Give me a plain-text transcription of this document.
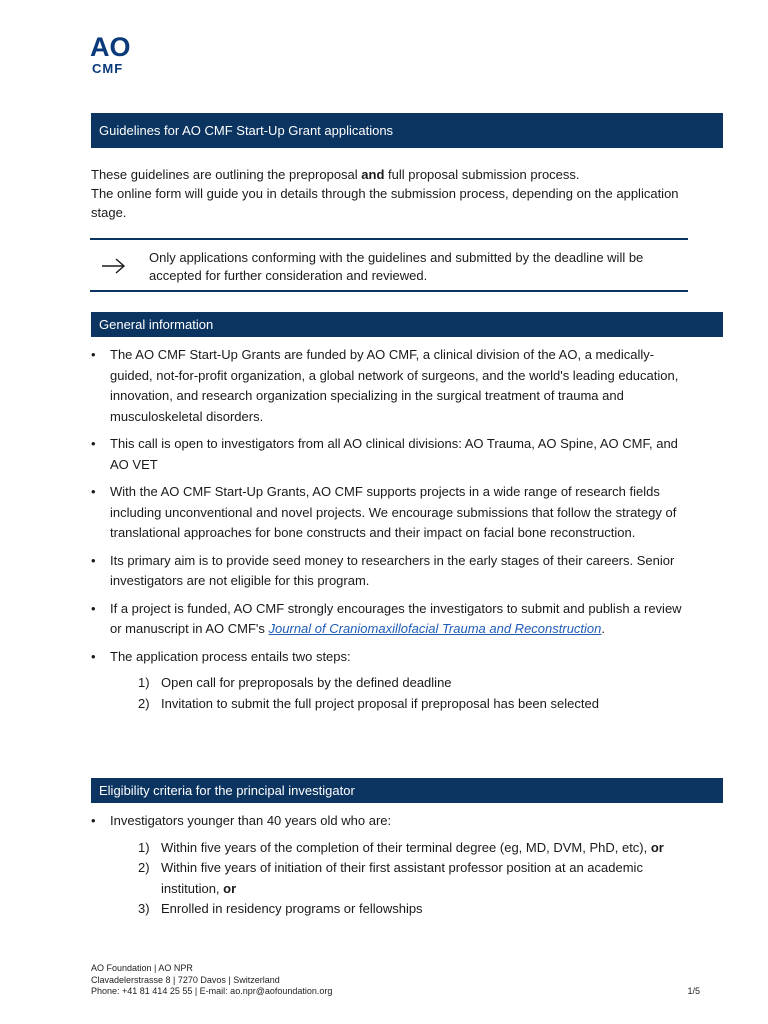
AO
CMF
Guidelines for AO CMF Start-Up Grant applications

These guidelines are outlining the preproposal and full proposal submission process.

The online form will guide you in details through the submission process, depending on the application stage.

Only applications conforming with the guidelines and submitted by the deadline will be accepted for further consideration and reviewed.
General information
• The AO CMF Start-Up Grants are funded by AO CMF, a clinical division of the AO, a medically-guided, not-for-profit organization, a global network of surgeons, and the world's leading education, innovation, and research organization specializing in the surgical treatment of trauma and musculoskeletal disorders.
• This call is open to investigators from all AO clinical divisions: AO Trauma, AO Spine, AO CMF, and AO VET
• With the AO CMF Start-Up Grants, AO CMF supports projects in a wide range of research fields including unconventional and novel projects. We encourage submissions that follow the strategy of translational approaches for bone constructs and their impact on facial bone reconstruction.
• Its primary aim is to provide seed money to researchers in the early stages of their careers. Senior investigators are not eligible for this program.
• If a project is funded, AO CMF strongly encourages the investigators to submit and publish a review or manuscript in AO CMF's Journal of Craniomaxillofacial Trauma and Reconstruction.
• The application process entails two steps:
1) Open call for preproposals by the defined deadline
2) Invitation to submit the full project proposal if preproposal has been selected
Eligibility criteria for the principal investigator
• Investigators younger than 40 years old who are:
1) Within five years of the completion of their terminal degree (eg, MD, DVM, PhD, etc), or
2) Within five years of initiation of their first assistant professor position at an academic institution, or
3) Enrolled in residency programs or fellowships
AO Foundation | AO NPR
Clavadelerstrasse 8 | 7270 Davos | Switzerland
Phone: +41 81 414 25 55 | E-mail: ao.npr@aofoundation.org	1/5
